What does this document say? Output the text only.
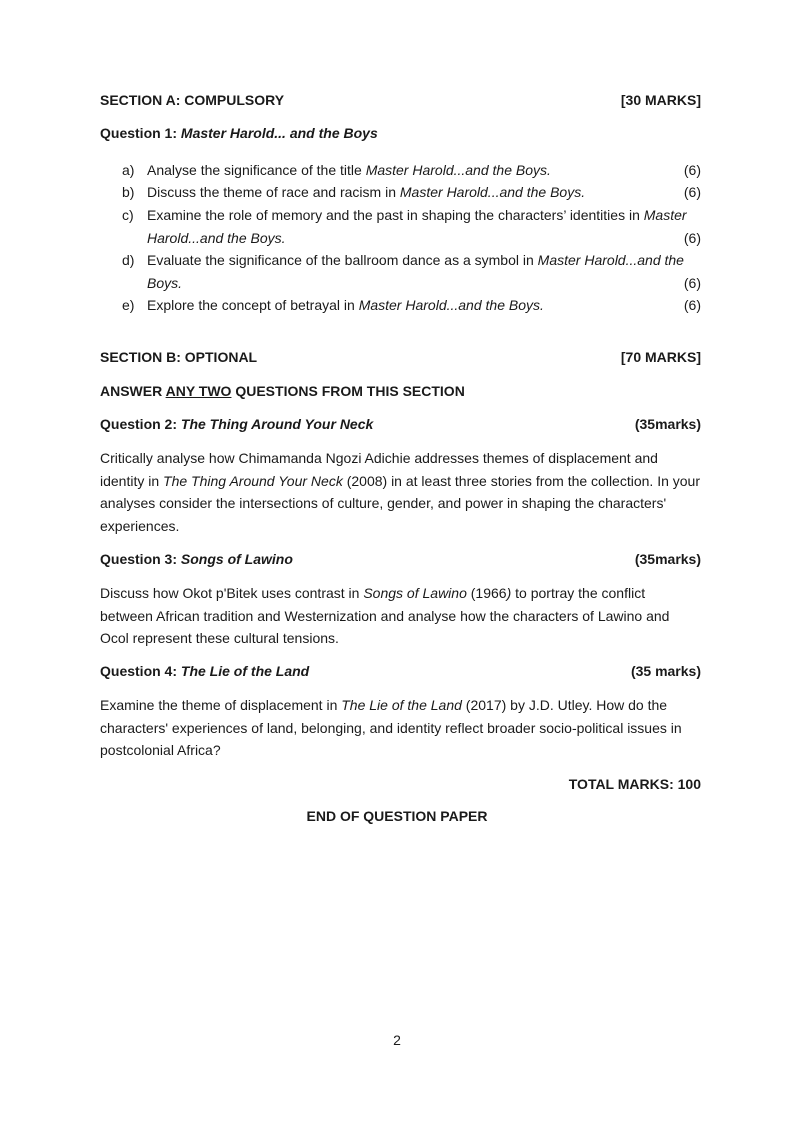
SECTION A: COMPULSORY	[30 MARKS]
Question 1: Master Harold... and the Boys
a) Analyse the significance of the title Master Harold...and the Boys.	(6)
b) Discuss the theme of race and racism in Master Harold...and the Boys.	(6)
c) Examine the role of memory and the past in shaping the characters’ identities in Master Harold...and the Boys.	(6)
d) Evaluate the significance of the ballroom dance as a symbol in Master Harold...and the Boys.	(6)
e) Explore the concept of betrayal in Master Harold...and the Boys.	(6)
SECTION B: OPTIONAL	[70 MARKS]
ANSWER ANY TWO QUESTIONS FROM THIS SECTION
Question 2: The Thing Around Your Neck	(35marks)
Critically analyse how Chimamanda Ngozi Adichie addresses themes of displacement and identity in The Thing Around Your Neck (2008) in at least three stories from the collection. In your analyses consider the intersections of culture, gender, and power in shaping the characters' experiences.
Question 3: Songs of Lawino	(35marks)
Discuss how Okot p'Bitek uses contrast in Songs of Lawino (1966) to portray the conflict between African tradition and Westernization and analyse how the characters of Lawino and Ocol represent these cultural tensions.
Question 4: The Lie of the Land	(35 marks)
Examine the theme of displacement in The Lie of the Land (2017) by J.D. Utley. How do the characters' experiences of land, belonging, and identity reflect broader socio-political issues in postcolonial Africa?
TOTAL MARKS: 100
END OF QUESTION PAPER
2
